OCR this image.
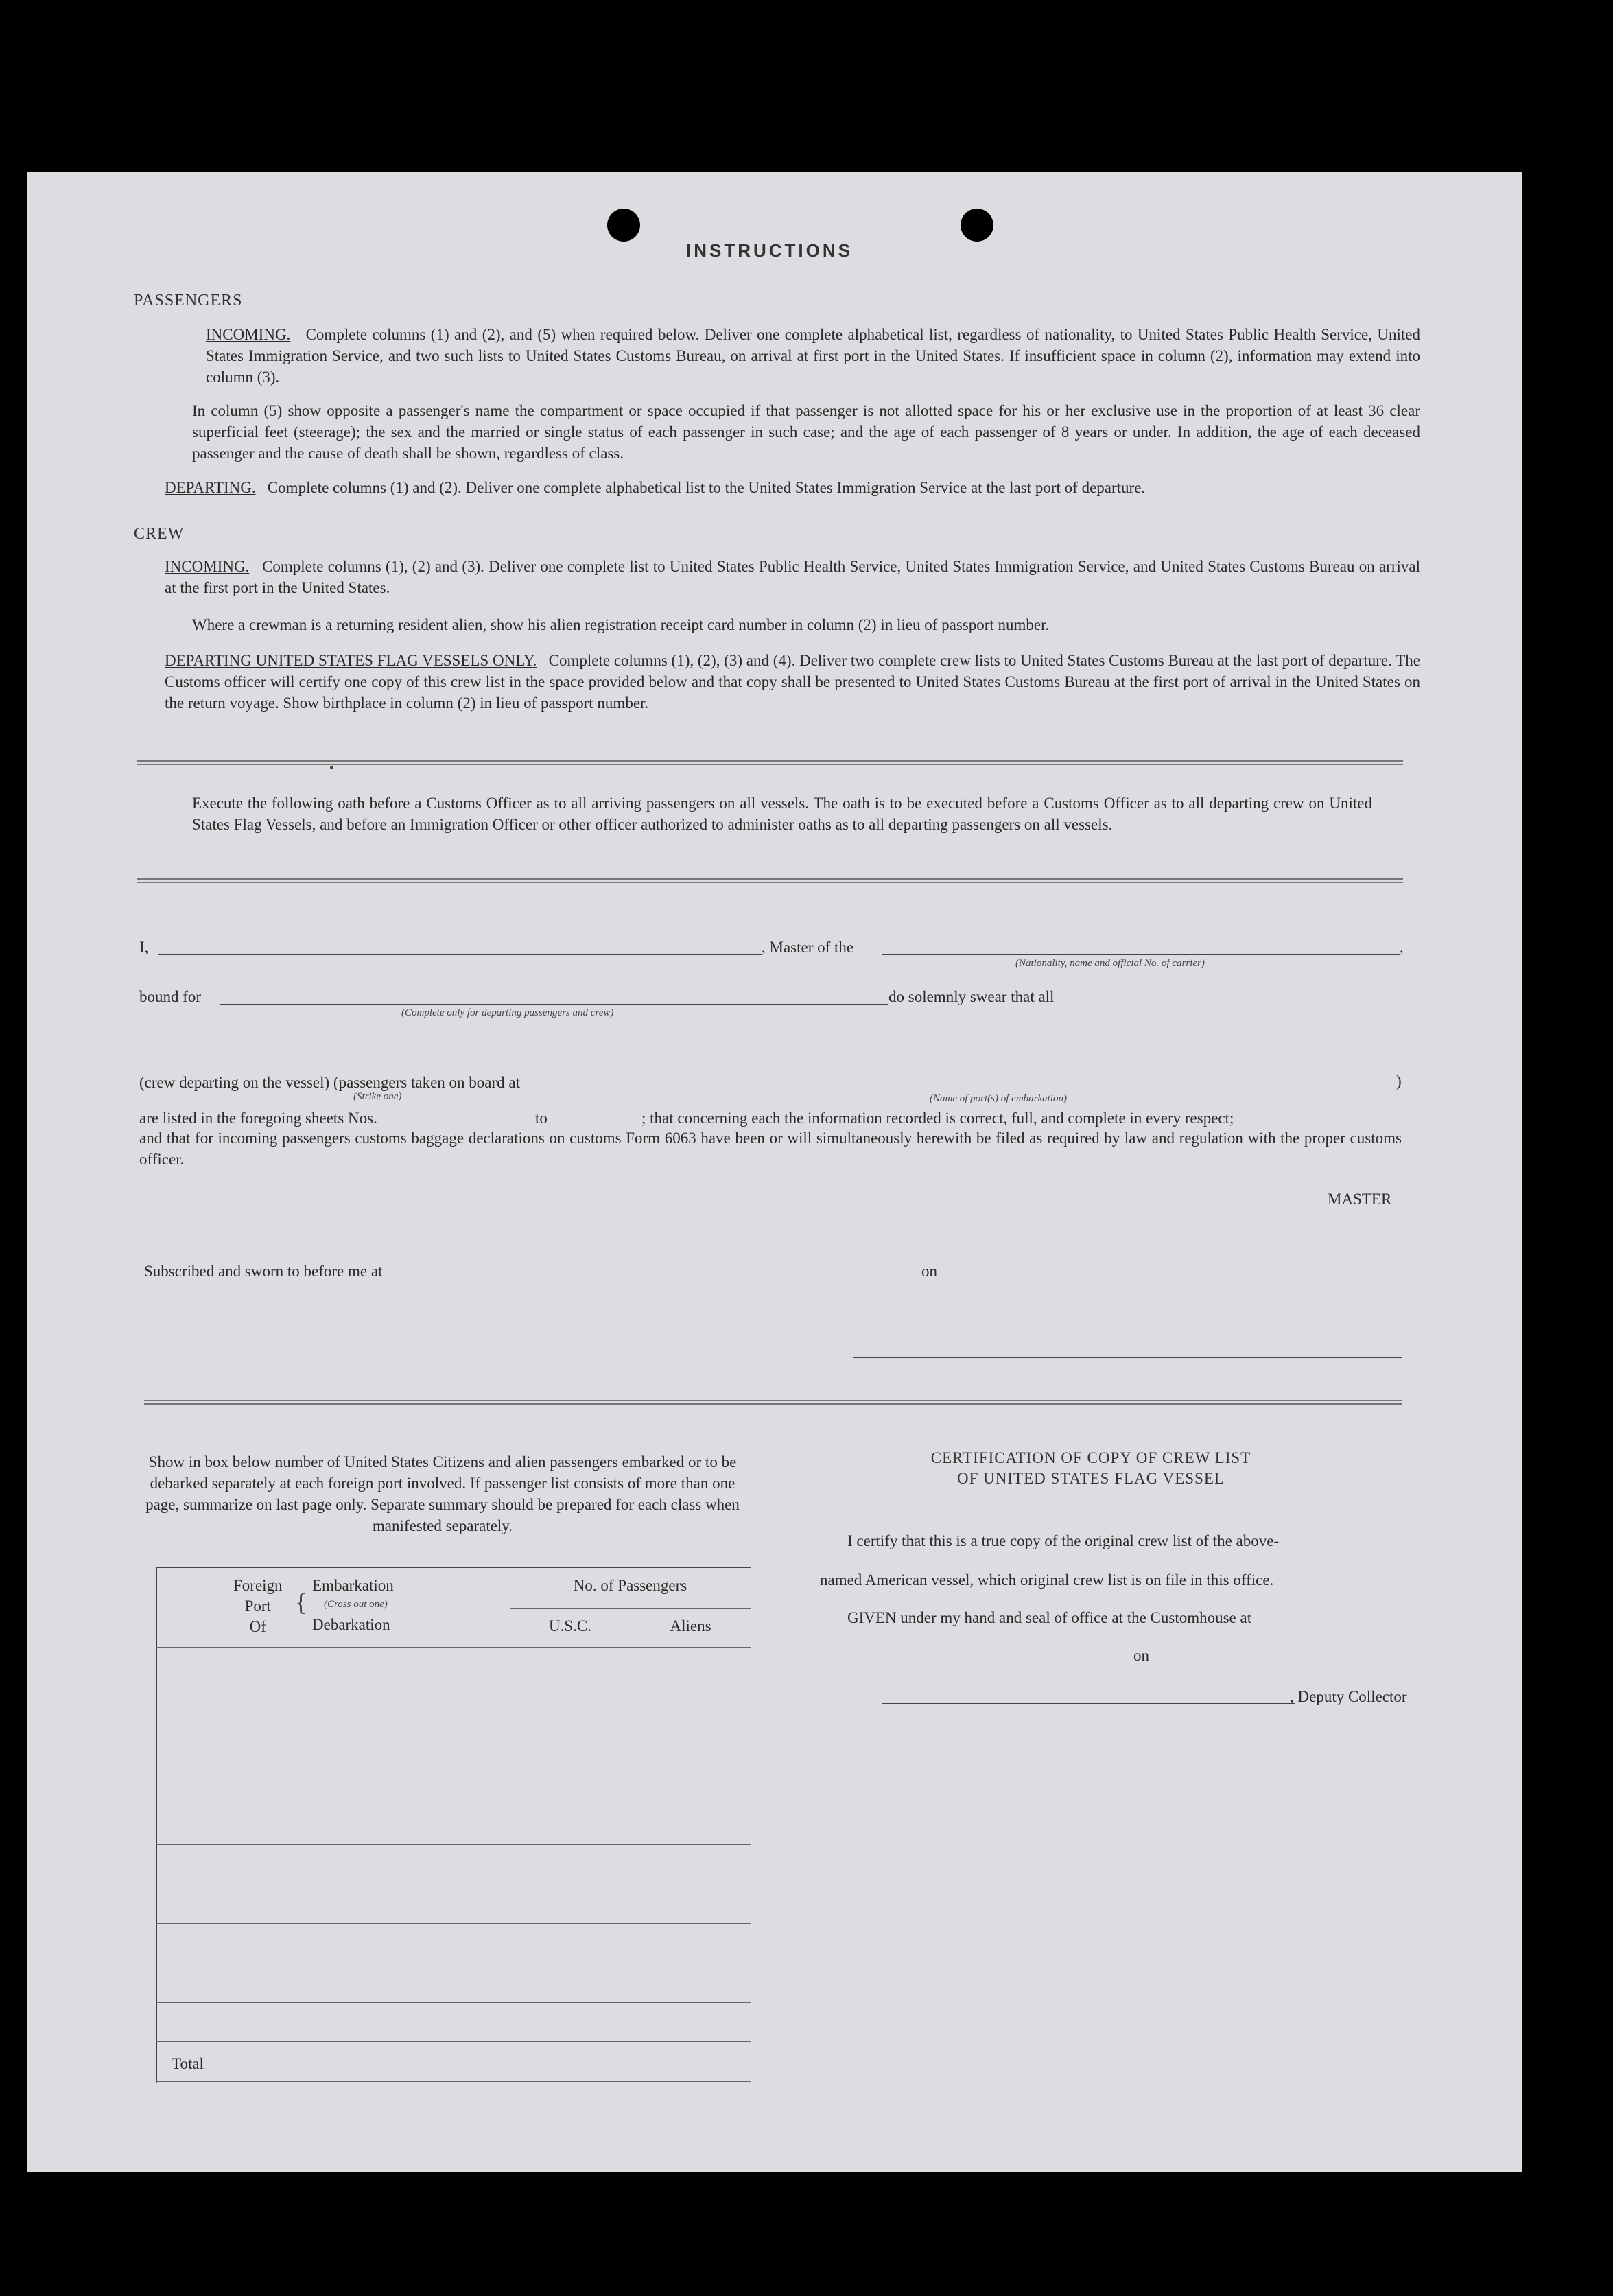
INSTRUCTIONS
PASSENGERS
INCOMING. Complete columns (1) and (2), and (5) when required below. Deliver one complete alphabetical list, regardless of nationality, to United States Public Health Service, United States Immigration Service, and two such lists to United States Customs Bureau, on arrival at first port in the United States. If insufficient space in column (2), information may extend into column (3).
In column (5) show opposite a passenger's name the compartment or space occupied if that passenger is not allotted space for his or her exclusive use in the proportion of at least 36 clear superficial feet (steerage); the sex and the married or single status of each passenger in such case; and the age of each passenger of 8 years or under. In addition, the age of each deceased passenger and the cause of death shall be shown, regardless of class.
DEPARTING. Complete columns (1) and (2). Deliver one complete alphabetical list to the United States Immigration Service at the last port of departure.
CREW
INCOMING. Complete columns (1), (2) and (3). Deliver one complete list to United States Public Health Service, United States Immigration Service, and United States Customs Bureau on arrival at the first port in the United States.
Where a crewman is a returning resident alien, show his alien registration receipt card number in column (2) in lieu of passport number.
DEPARTING UNITED STATES FLAG VESSELS ONLY. Complete columns (1), (2), (3) and (4). Deliver two complete crew lists to United States Customs Bureau at the last port of departure. The Customs officer will certify one copy of this crew list in the space provided below and that copy shall be presented to United States Customs Bureau at the first port of arrival in the United States on the return voyage. Show birthplace in column (2) in lieu of passport number.
Execute the following oath before a Customs Officer as to all arriving passengers on all vessels. The oath is to be executed before a Customs Officer as to all departing crew on United States Flag Vessels, and before an Immigration Officer or other officer authorized to administer oaths as to all departing passengers on all vessels.
I,	, Master of the	,
(Nationality, name and official No. of carrier)
bound for
(Complete only for departing passengers and crew)
do solemnly swear that all
(crew departing on the vessel) (passengers taken on board at
(Strike one)
)
(Name of port(s) of embarkation)
are listed in the foregoing sheets Nos.	to	; that concerning each the information recorded is correct, full, and complete in every respect;
and that for incoming passengers customs baggage declarations on customs Form 6063 have been or will simultaneously herewith be filed as required by law and regulation with the proper customs officer.
MASTER
Subscribed and sworn to before me at	on
Show in box below number of United States Citizens and alien passengers embarked or to be debarked separately at each foreign port involved. If passenger list consists of more than one page, summarize on last page only. Separate summary should be prepared for each class when manifested separately.
Foreign
Port
Of
{
Embarkation
(Cross out one)
Debarkation
No. of Passengers
U.S.C.	Aliens
Total
CERTIFICATION OF COPY OF CREW LIST
OF UNITED STATES FLAG VESSEL
I certify that this is a true copy of the original crew list of the above-
named American vessel, which original crew list is on file in this office.
GIVEN under my hand and seal of office at the Customhouse at
on
, Deputy Collector
